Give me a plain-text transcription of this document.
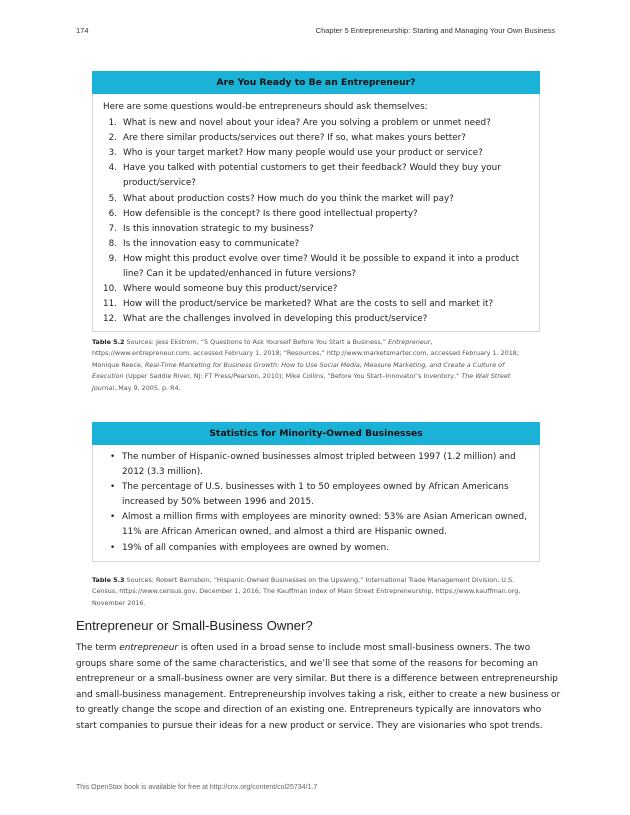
174	Chapter 5 Entrepreneurship: Starting and Managing Your Own Business
Are You Ready to Be an Entrepreneur?

Here are some questions would-be entrepreneurs should ask themselves:

1. What is new and novel about your idea? Are you solving a problem or unmet need?
2. Are there similar products/services out there? If so, what makes yours better?
3. Who is your target market? How many people would use your product or service?
4. Have you talked with potential customers to get their feedback? Would they buy your product/service?
5. What about production costs? How much do you think the market will pay?
6. How defensible is the concept? Is there good intellectual property?
7. Is this innovation strategic to my business?
8. Is the innovation easy to communicate?
9. How might this product evolve over time? Would it be possible to expand it into a product line? Can it be updated/enhanced in future versions?
10. Where would someone buy this product/service?
11. How will the product/service be marketed? What are the costs to sell and market it?
12. What are the challenges involved in developing this product/service?
Table 5.2 Sources: Jess Ekstrom, “5 Questions to Ask Yourself Before You Start a Business,” Entrepreneur, https://www.entrepreneur.com, accessed February 1, 2018; “Resources,” http://www.marketsmarter.com, accessed February 1, 2018; Monique Reece, Real-Time Marketing for Business Growth: How to Use Social Media, Measure Marketing, and Create a Culture of Execution (Upper Saddle River, NJ: FT Press/Pearson, 2010); Mike Collins, “Before You Start–Innovator’s Inventory,” The Wall Street Journal, May 9, 2005, p. R4.
Statistics for Minority-Owned Businesses
• The number of Hispanic-owned businesses almost tripled between 1997 (1.2 million) and 2012 (3.3 million).
• The percentage of U.S. businesses with 1 to 50 employees owned by African Americans increased by 50% between 1996 and 2015.
• Almost a million firms with employees are minority owned: 53% are Asian American owned, 11% are African American owned, and almost a third are Hispanic owned.
• 19% of all companies with employees are owned by women.
Table 5.3 Sources: Robert Bernstein, “Hispanic-Owned Businesses on the Upswing,” International Trade Management Division, U.S. Census, https://www.census.gov, December 1, 2016; The Kauffman Index of Main Street Entrepreneurship, https://www.kauffman.org, November 2016.
Entrepreneur or Small-Business Owner?

The term entrepreneur is often used in a broad sense to include most small-business owners. The two groups share some of the same characteristics, and we’ll see that some of the reasons for becoming an entrepreneur or a small-business owner are very similar. But there is a difference between entrepreneurship and small-business management. Entrepreneurship involves taking a risk, either to create a new business or to greatly change the scope and direction of an existing one. Entrepreneurs typically are innovators who start companies to pursue their ideas for a new product or service. They are visionaries who spot trends.

This OpenStax book is available for free at http://cnx.org/content/col25734/1.7
